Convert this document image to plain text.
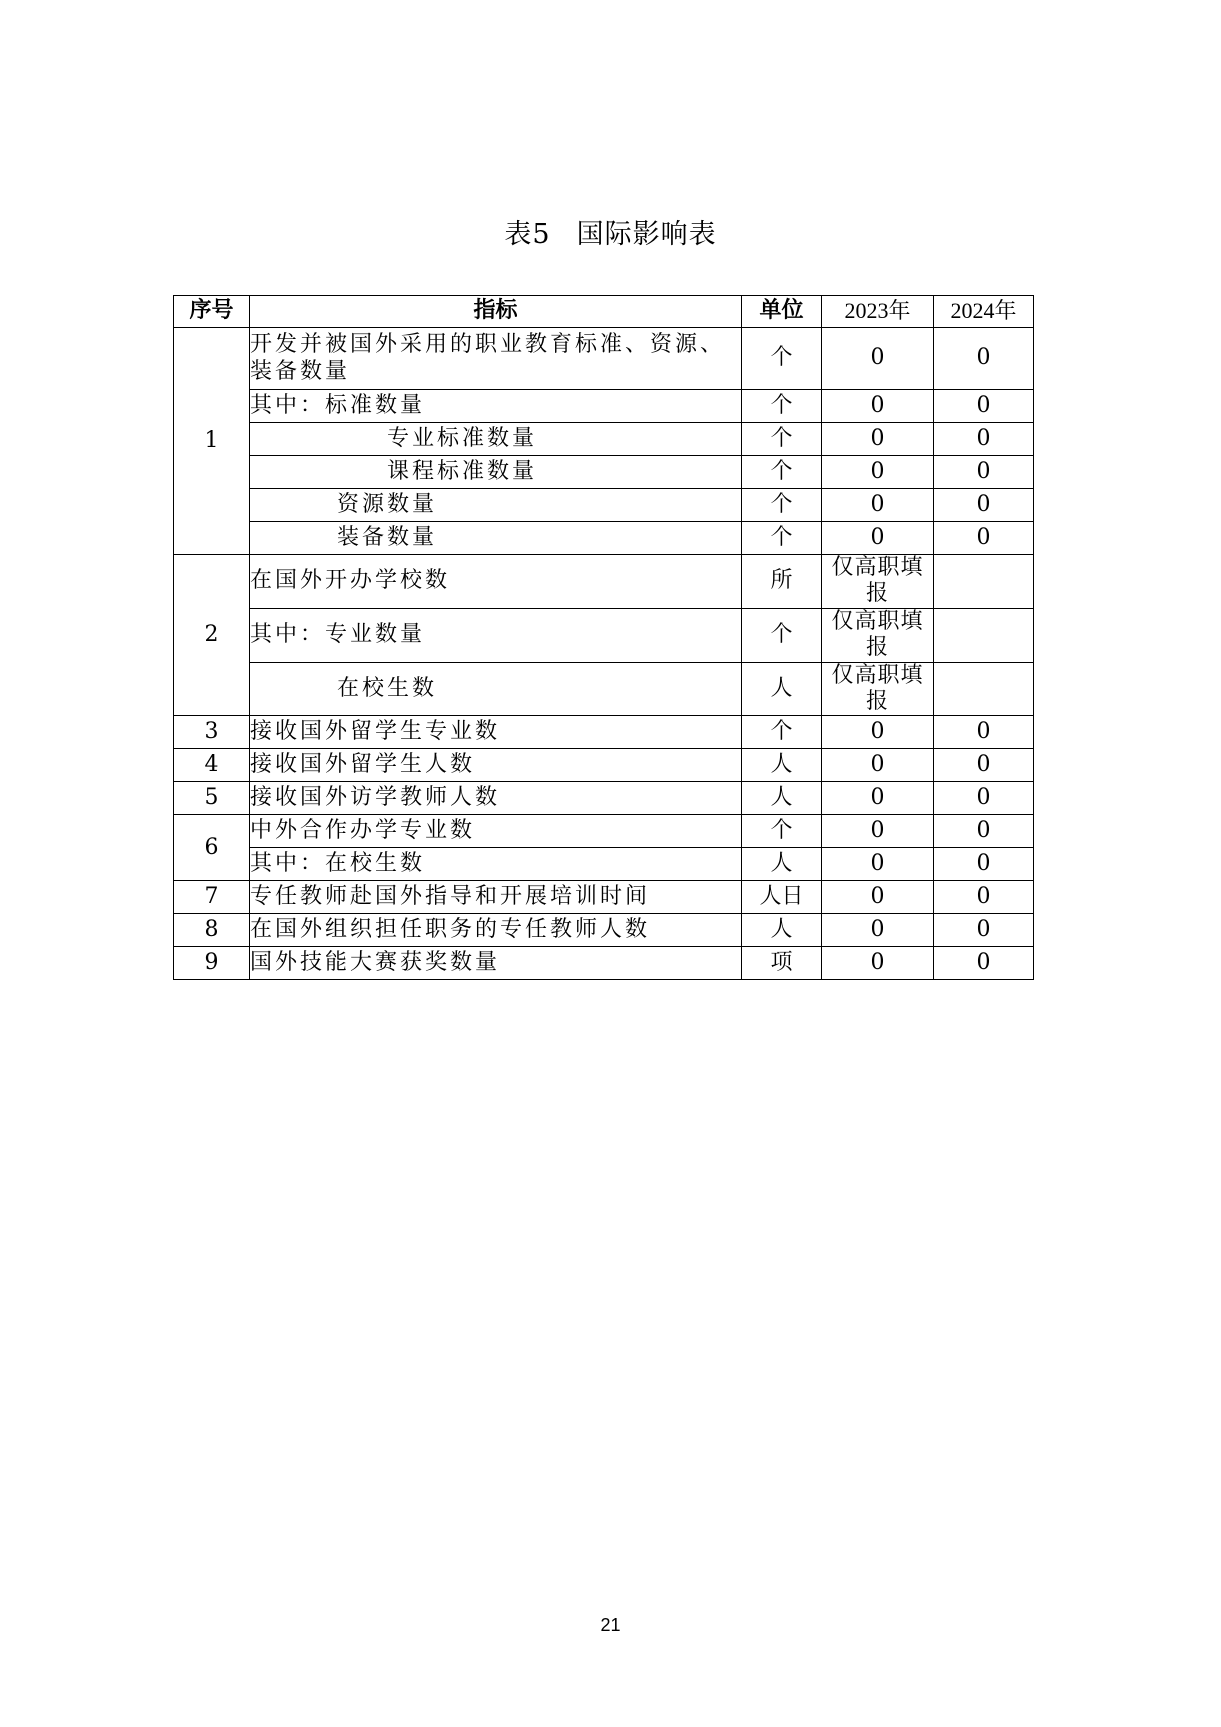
表5 国际影响表
序号	指标	单位	2023年	2024年
1	开发并被国外采用的职业教育标准、资源、装备数量	个	0	0
	其中：标准数量	个	0	0
	专业标准数量	个	0	0
	课程标准数量	个	0	0
	资源数量	个	0	0
	装备数量	个	0	0
2	在国外开办学校数	所	仅高职填报	
	其中：专业数量	个	仅高职填报	
	在校生数	人	仅高职填报	
3	接收国外留学生专业数	个	0	0
4	接收国外留学生人数	人	0	0
5	接收国外访学教师人数	人	0	0
6	中外合作办学专业数	个	0	0
	其中：在校生数	人	0	0
7	专任教师赴国外指导和开展培训时间	人日	0	0
8	在国外组织担任职务的专任教师人数	人	0	0
9	国外技能大赛获奖数量	项	0	0
21
